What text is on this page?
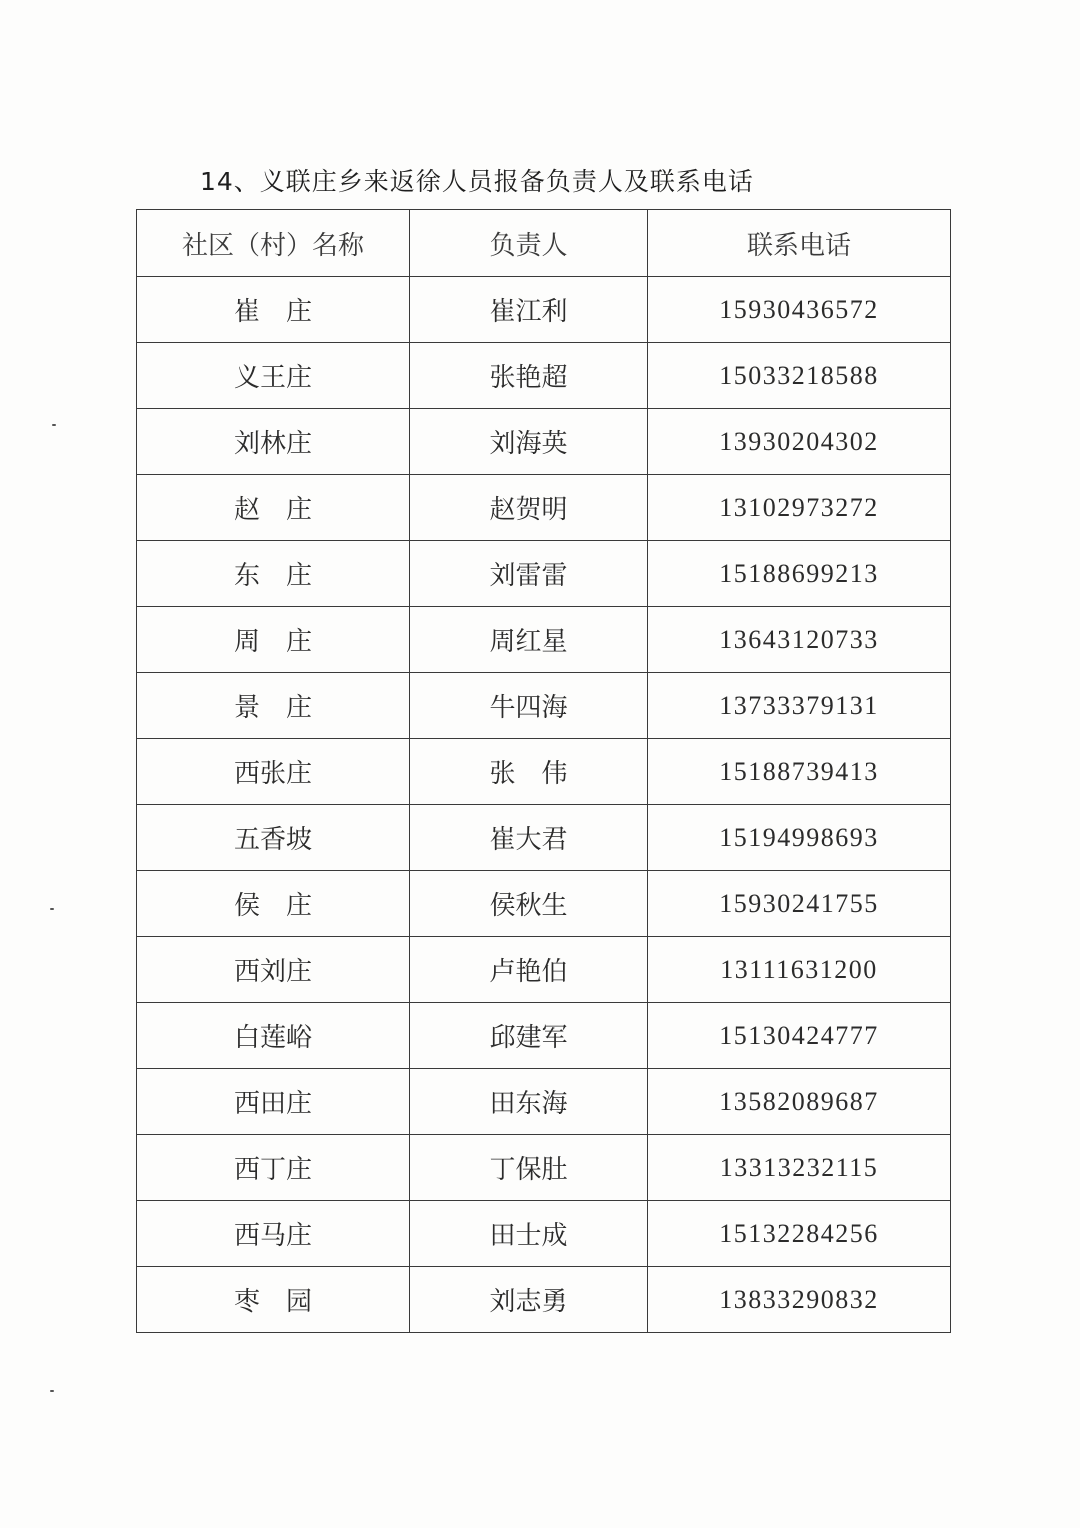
14、义联庄乡来返徐人员报备负责人及联系电话
社区（村）名称	负责人	联系电话
崔　庄	崔江利	15930436572
义王庄	张艳超	15033218588
刘林庄	刘海英	13930204302
赵　庄	赵贺明	13102973272
东　庄	刘雷雷	15188699213
周　庄	周红星	13643120733
景　庄	牛四海	13733379131
西张庄	张　伟	15188739413
五香坡	崔大君	15194998693
侯　庄	侯秋生	15930241755
西刘庄	卢艳伯	13111631200
白莲峪	邱建军	15130424777
西田庄	田东海	13582089687
西丁庄	丁保肚	13313232115
西马庄	田士成	15132284256
枣　园	刘志勇	13833290832
